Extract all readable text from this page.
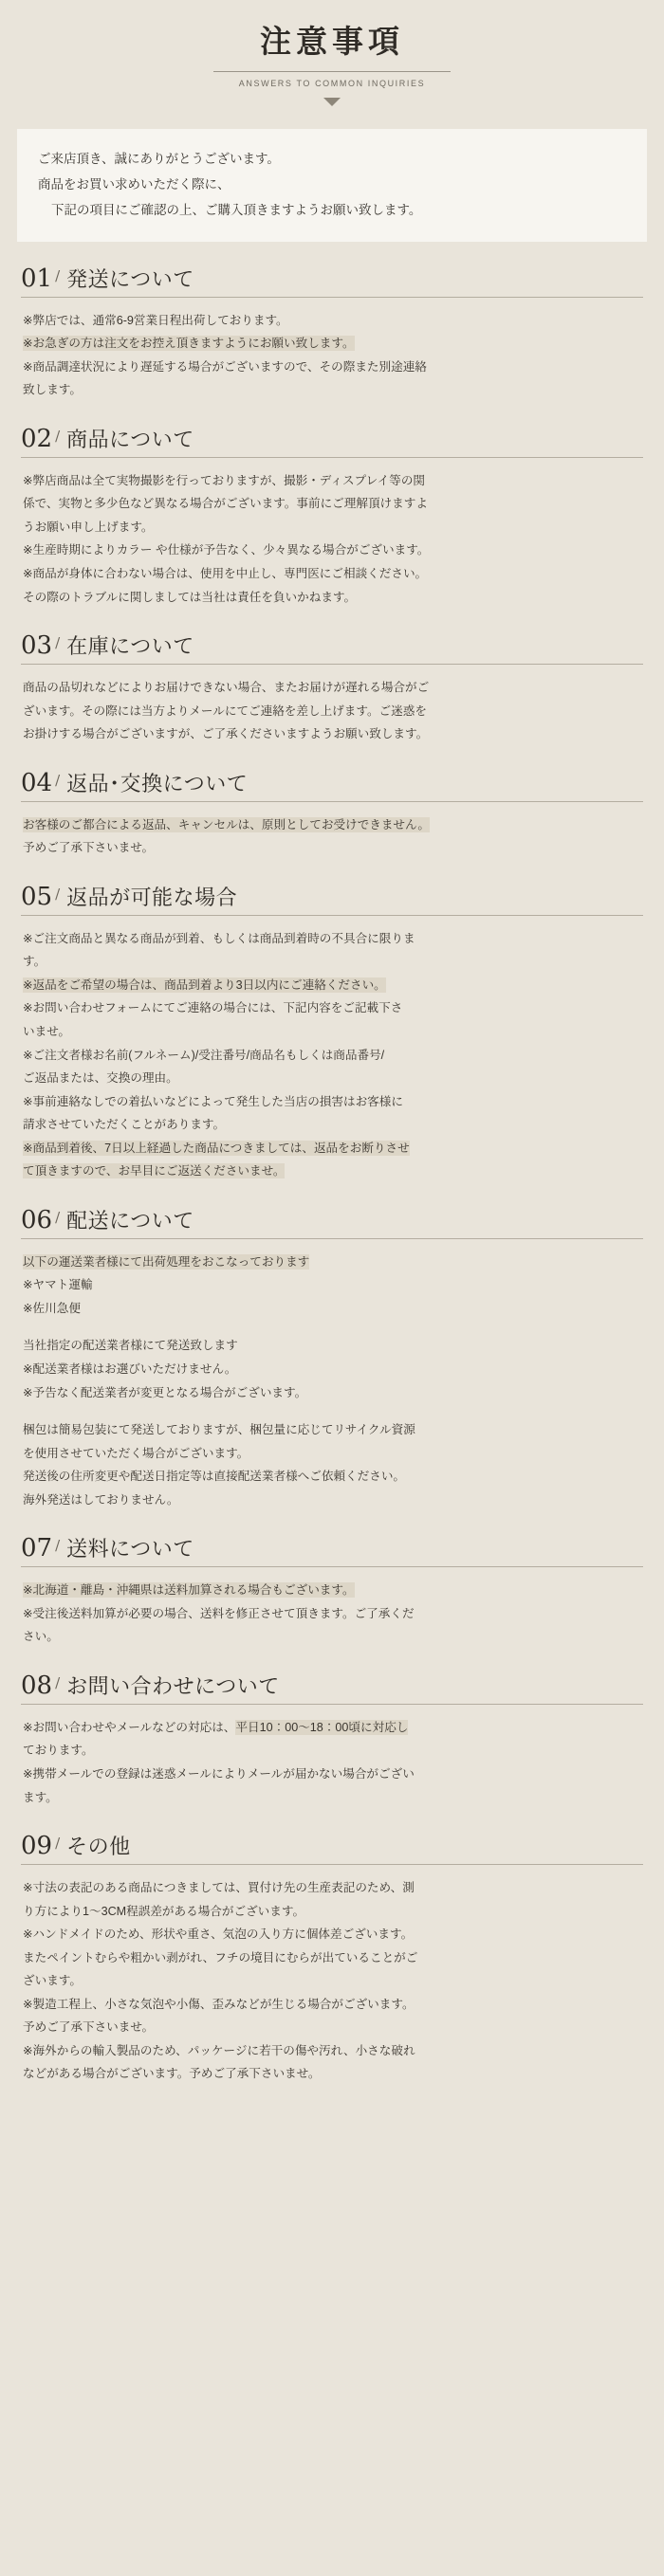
注意事項
ANSWERS TO COMMON INQUIRIES

ご来店頂き、誠にありがとうございます。

商品をお買い求めいただく際に、

下記の項目にご確認の上、ご購入頂きますようお願い致します。

01 / 発送について

※弊店では、通常6-9営業日程出荷しております。

※お急ぎの方は注文をお控え頂きますようにお願い致します。

※商品調達状況により遅延する場合がございますので、その際また別途連絡

致します。

02 / 商品について

※弊店商品は全て実物撮影を行っておりますが、撮影・ディスプレイ等の関

係で、実物と多少色など異なる場合がございます。事前にご理解頂けますよ

うお願い申し上げます。

※生産時期によりカラー や仕様が予告なく、少々異なる場合がございます。

※商品が身体に合わない場合は、使用を中止し、専門医にご相談ください。

その際のトラブルに関しましては当社は責任を負いかねます。

03 / 在庫について

商品の品切れなどによりお届けできない場合、またお届けが遅れる場合がご

ざいます。その際には当方よりメールにてご連絡を差し上げます。ご迷惑を

お掛けする場合がございますが、ご了承くださいますようお願い致します。

04 / 返品･交換について

お客様のご都合による返品、キャンセルは、原則としてお受けできません。

予めご了承下さいませ。

05 / 返品が可能な場合

※ご注文商品と異なる商品が到着、もしくは商品到着時の不具合に限りま

す。

※返品をご希望の場合は、商品到着より3日以内にご連絡ください。

※お問い合わせフォームにてご連絡の場合には、下記内容をご記載下さ

いませ。

※ご注文者様お名前(フルネーム)/受注番号/商品名もしくは商品番号/

ご返品または、交換の理由。

※事前連絡なしでの着払いなどによって発生した当店の損害はお客様に

請求させていただくことがあります。

※商品到着後、7日以上経過した商品につきましては、返品をお断りさせ

て頂きますので、お早目にご返送くださいませ。

06 / 配送について

以下の運送業者様にて出荷処理をおこなっております

※ヤマト運輸

※佐川急便

当社指定の配送業者様にて発送致します

※配送業者様はお選びいただけません。

※予告なく配送業者が変更となる場合がございます。

梱包は簡易包装にて発送しておりますが、梱包量に応じてリサイクル資源

を使用させていただく場合がございます。

発送後の住所変更や配送日指定等は直接配送業者様へご依頼ください。

海外発送はしておりません。

07 / 送料について

※北海道・離島・沖縄県は送料加算される場合もございます。

※受注後送料加算が必要の場合、送料を修正させて頂きます。ご了承くだ

さい。

08 / お問い合わせについて

※お問い合わせやメールなどの対応は、平日10：00～18：00頃に対応し

ております。

※携帯メールでの登録は迷惑メールによりメールが届かない場合がござい

ます。

09 / その他

※寸法の表記のある商品につきましては、買付け先の生産表記のため、測

り方により1～3CM程誤差がある場合がございます。

※ハンドメイドのため、形状や重さ、気泡の入り方に個体差ございます。

またペイントむらや粗かい剥がれ、フチの境目にむらが出ていることがご

ざいます。

※製造工程上、小さな気泡や小傷、歪みなどが生じる場合がございます。

予めご了承下さいませ。

※海外からの輸入製品のため、パッケージに若干の傷や汚れ、小さな破れ

などがある場合がございます。予めご了承下さいませ。
